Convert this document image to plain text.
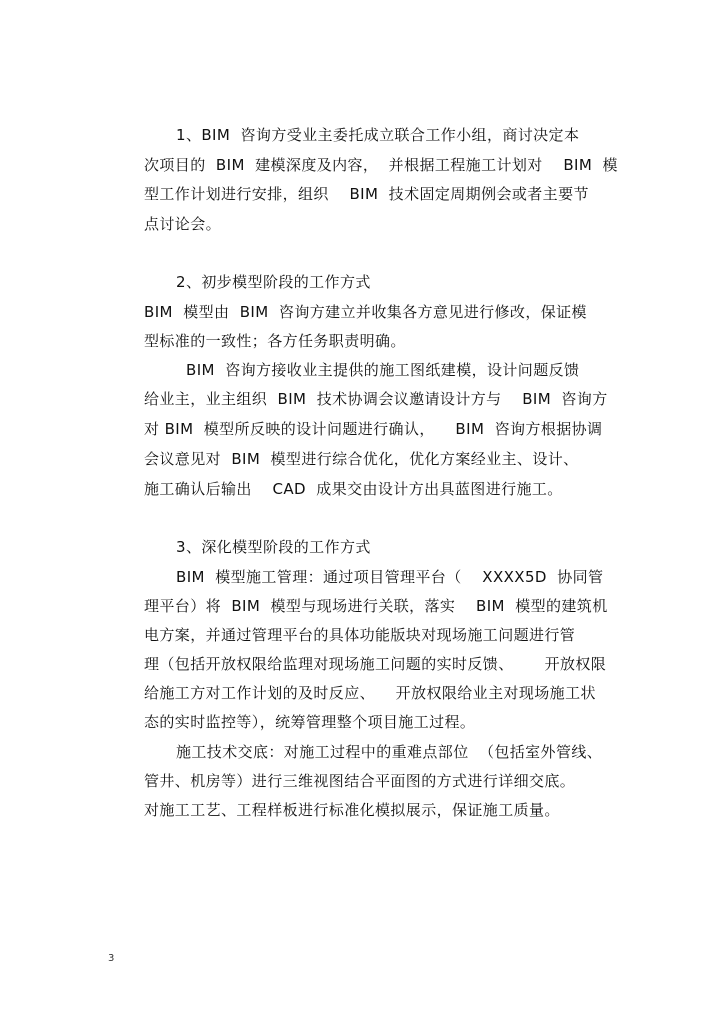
1、BIM  咨询方受业主委托成立联合工作小组，商讨决定本
次项目的  BIM  建模深度及内容，  并根据工程施工计划对    BIM  模
型工作计划进行安排，组织    BIM  技术固定周期例会或者主要节
点讨论会。
2、初步模型阶段的工作方式
BIM  模型由  BIM  咨询方建立并收集各方意见进行修改，保证模
型标准的一致性；各方任务职责明确。
BIM  咨询方接收业主提供的施工图纸建模，设计问题反馈
给业主，业主组织  BIM  技术协调会议邀请设计方与    BIM  咨询方
对 BIM  模型所反映的设计问题进行确认，    BIM  咨询方根据协调
会议意见对  BIM  模型进行综合优化，优化方案经业主、设计、
施工确认后输出    CAD  成果交由设计方出具蓝图进行施工。
3、深化模型阶段的工作方式
BIM  模型施工管理：通过项目管理平台（    XXXX5D  协同管
理平台）将  BIM  模型与现场进行关联，落实    BIM  模型的建筑机
电方案，并通过管理平台的具体功能版块对现场施工问题进行管
理（包括开放权限给监理对现场施工问题的实时反馈、      开放权限
给施工方对工作计划的及时反应、    开放权限给业主对现场施工状
态的实时监控等），统筹管理整个项目施工过程。
施工技术交底：对施工过程中的重难点部位  （包括室外管线、
管井、机房等）进行三维视图结合平面图的方式进行详细交底。
对施工工艺、工程样板进行标准化模拟展示，保证施工质量。
3
